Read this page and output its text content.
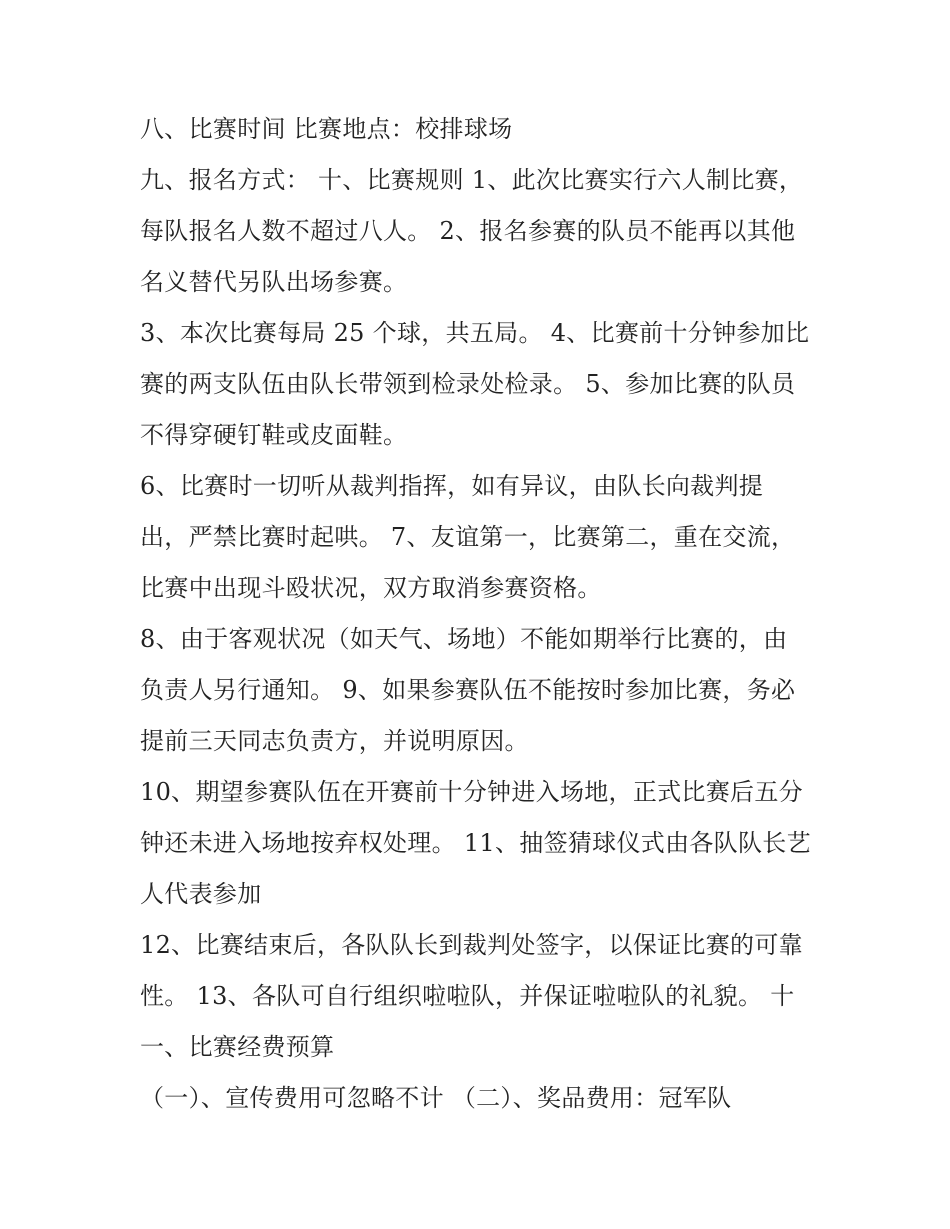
八、比赛时间 比赛地点：校排球场
九、报名方式： 十、比赛规则 1、此次比赛实行六人制比赛，
每队报名人数不超过八人。 2、报名参赛的队员不能再以其他
名义替代另队出场参赛。
3、本次比赛每局 25 个球，共五局。 4、比赛前十分钟参加比
赛的两支队伍由队长带领到检录处检录。 5、参加比赛的队员
不得穿硬钉鞋或皮面鞋。
6、比赛时一切听从裁判指挥，如有异议，由队长向裁判提
出，严禁比赛时起哄。 7、友谊第一，比赛第二，重在交流，
比赛中出现斗殴状况，双方取消参赛资格。
8、由于客观状况（如天气、场地）不能如期举行比赛的，由
负责人另行通知。 9、如果参赛队伍不能按时参加比赛，务必
提前三天同志负责方，并说明原因。
10、期望参赛队伍在开赛前十分钟进入场地，正式比赛后五分
钟还未进入场地按弃权处理。 11、抽签猜球仪式由各队队长艺
人代表参加
12、比赛结束后，各队队长到裁判处签字，以保证比赛的可靠
性。 13、各队可自行组织啦啦队，并保证啦啦队的礼貌。 十
一、比赛经费预算
（一）、宣传费用可忽略不计 （二）、奖品费用：冠军队
